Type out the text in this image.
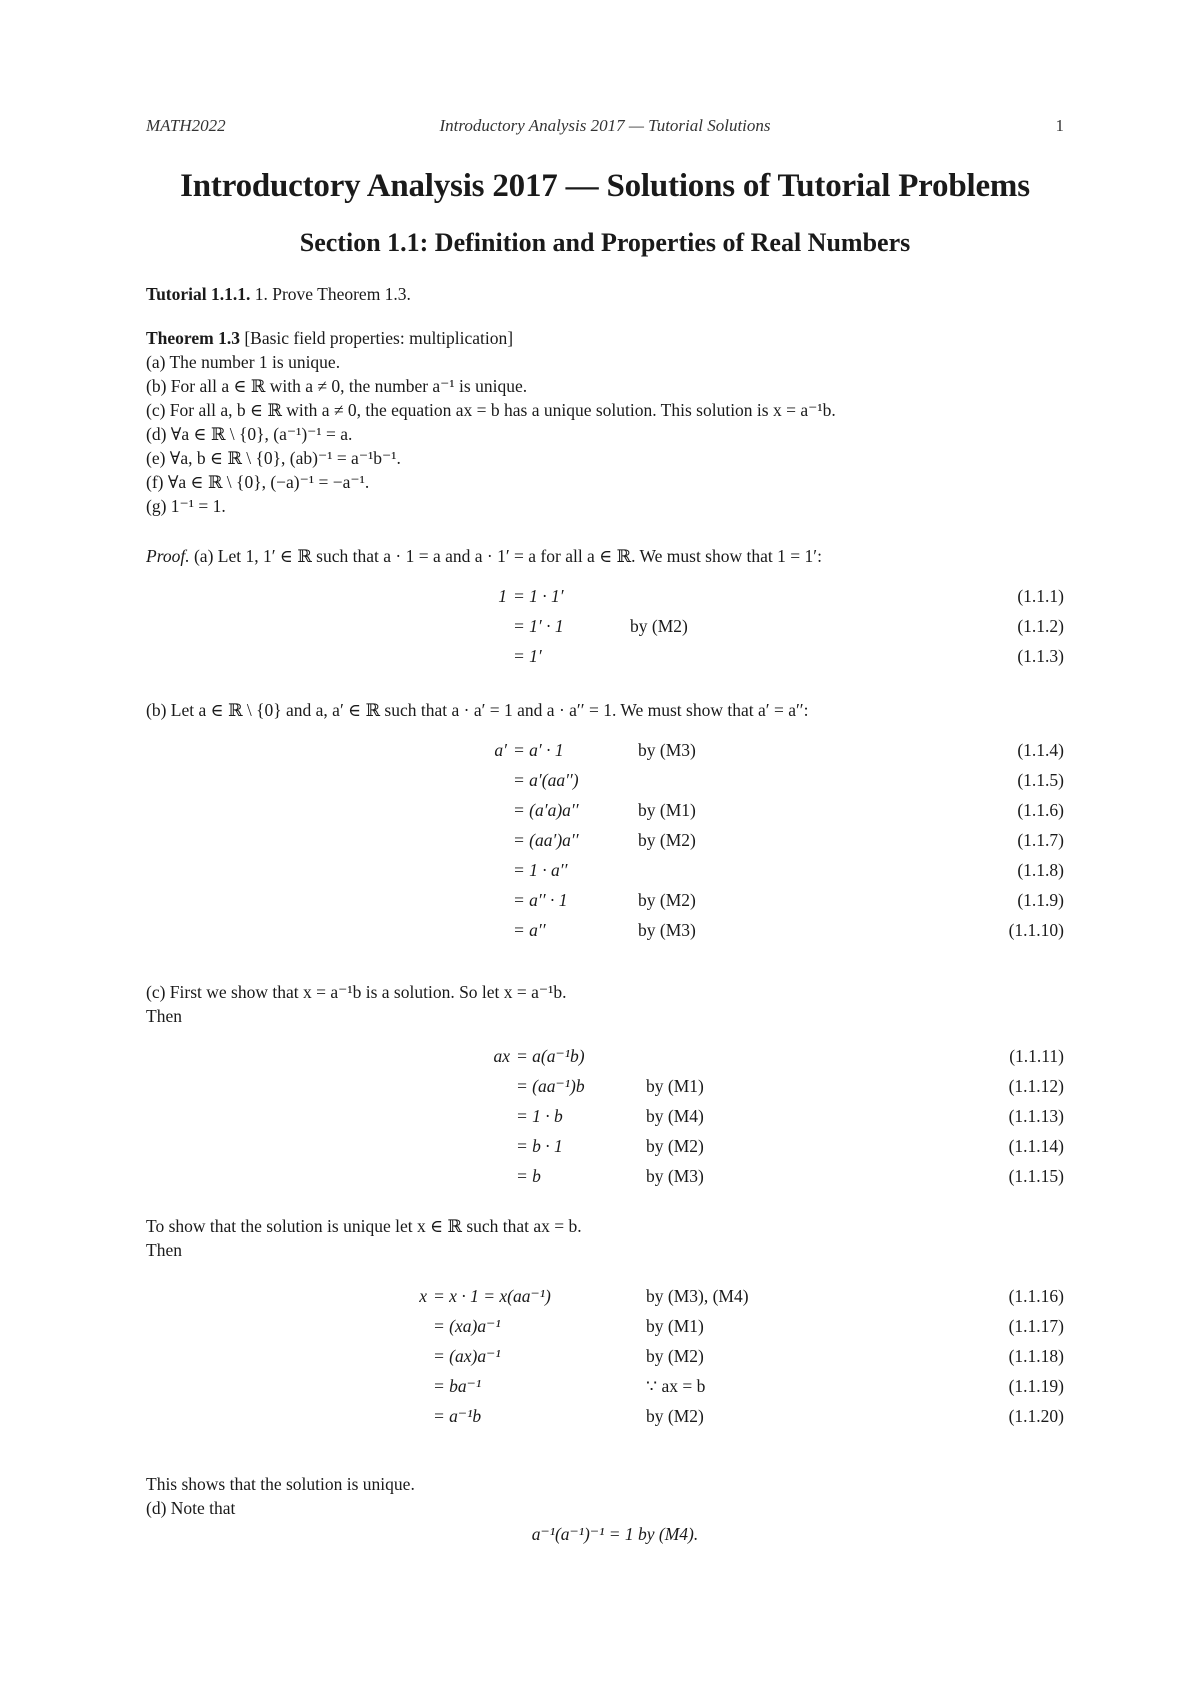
MATH2022	Introductory Analysis 2017 — Tutorial Solutions	1
Introductory Analysis 2017 — Solutions of Tutorial Problems
Section 1.1: Definition and Properties of Real Numbers
Tutorial 1.1.1. 1. Prove Theorem 1.3.
Theorem 1.3 [Basic field properties: multiplication]
(a) The number 1 is unique.
(b) For all a ∈ ℝ with a ≠ 0, the number a⁻¹ is unique.
(c) For all a, b ∈ ℝ with a ≠ 0, the equation ax = b has a unique solution. This solution is x = a⁻¹b.
(d) ∀a ∈ ℝ \ {0}, (a⁻¹)⁻¹ = a.
(e) ∀a, b ∈ ℝ \ {0}, (ab)⁻¹ = a⁻¹b⁻¹.
(f) ∀a ∈ ℝ \ {0}, (−a)⁻¹ = −a⁻¹.
(g) 1⁻¹ = 1.
Proof. (a) Let 1, 1′ ∈ ℝ such that a · 1 = a and a · 1′ = a for all a ∈ ℝ. We must show that 1 = 1′:
1 = 1 · 1′	(1.1.1)
= 1′ · 1	by (M2)	(1.1.2)
= 1′	(1.1.3)
(b) Let a ∈ ℝ \ {0} and a, a′ ∈ ℝ such that a · a′ = 1 and a · a′′ = 1. We must show that a′ = a′′:
a′ = a′ · 1	by (M3)	(1.1.4)
= a′(aa′′)	(1.1.5)
= (a′a)a′′	by (M1)	(1.1.6)
= (aa′)a′′	by (M2)	(1.1.7)
= 1 · a′′	(1.1.8)
= a′′ · 1	by (M2)	(1.1.9)
= a′′	by (M3)	(1.1.10)
(c) First we show that x = a⁻¹b is a solution. So let x = a⁻¹b.
Then
ax = a(a⁻¹b)	(1.1.11)
= (aa⁻¹)b	by (M1)	(1.1.12)
= 1 · b	by (M4)	(1.1.13)
= b · 1	by (M2)	(1.1.14)
= b	by (M3)	(1.1.15)
To show that the solution is unique let x ∈ ℝ such that ax = b.
Then
x = x · 1 = x(aa⁻¹)	by (M3), (M4)	(1.1.16)
= (xa)a⁻¹	by (M1)	(1.1.17)
= (ax)a⁻¹	by (M2)	(1.1.18)
= ba⁻¹	∵ ax = b	(1.1.19)
= a⁻¹b	by (M2)	(1.1.20)
This shows that the solution is unique.
(d) Note that
a⁻¹(a⁻¹)⁻¹ = 1 by (M4).
